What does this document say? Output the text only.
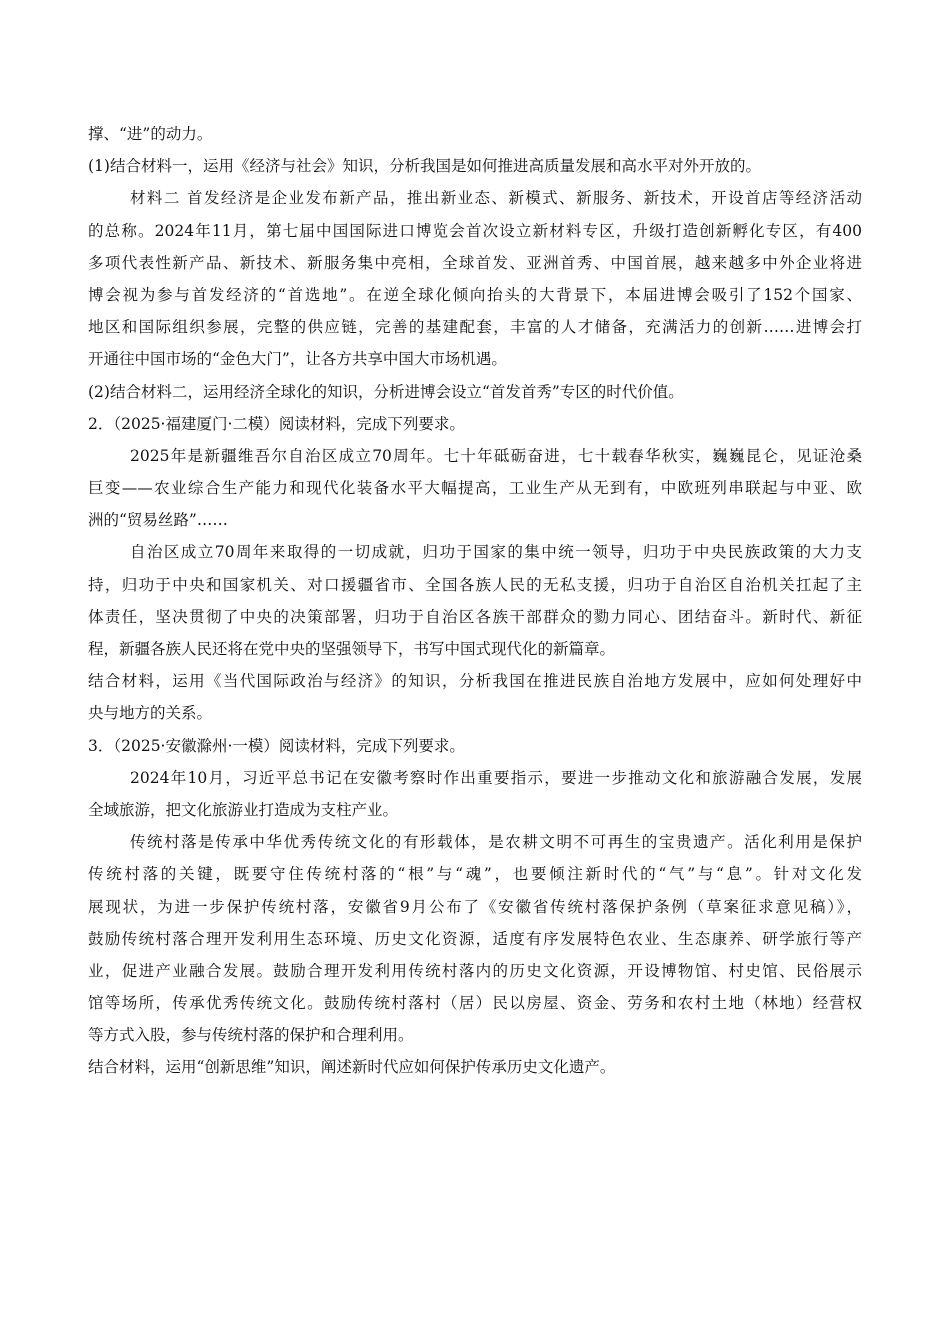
撑、“进”的动力。
(1)结合材料一，运用《经济与社会》知识，分析我国是如何推进高质量发展和高水平对外开放的。
材料二 首发经济是企业发布新产品，推出新业态、新模式、新服务、新技术，开设首店等经济活动
的总称。2024年11月，第七届中国国际进口博览会首次设立新材料专区，升级打造创新孵化专区，有400
多项代表性新产品、新技术、新服务集中亮相，全球首发、亚洲首秀、中国首展，越来越多中外企业将进
博会视为参与首发经济的“首选地”。在逆全球化倾向抬头的大背景下，本届进博会吸引了152个国家、
地区和国际组织参展，完整的供应链，完善的基建配套，丰富的人才储备，充满活力的创新……进博会打
开通往中国市场的“金色大门”，让各方共享中国大市场机遇。
(2)结合材料二，运用经济全球化的知识，分析进博会设立“首发首秀”专区的时代价值。
2．（2025·福建厦门·二模）阅读材料，完成下列要求。
2025年是新疆维吾尔自治区成立70周年。七十年砥砺奋进，七十载春华秋实，巍巍昆仑，见证沧桑
巨变——农业综合生产能力和现代化装备水平大幅提高，工业生产从无到有，中欧班列串联起与中亚、欧
洲的“贸易丝路”……
自治区成立70周年来取得的一切成就，归功于国家的集中统一领导，归功于中央民族政策的大力支
持，归功于中央和国家机关、对口援疆省市、全国各族人民的无私支援，归功于自治区自治机关扛起了主
体责任，坚决贯彻了中央的决策部署，归功于自治区各族干部群众的勠力同心、团结奋斗。新时代、新征
程，新疆各族人民还将在党中央的坚强领导下，书写中国式现代化的新篇章。
结合材料，运用《当代国际政治与经济》的知识，分析我国在推进民族自治地方发展中，应如何处理好中
央与地方的关系。
3．（2025·安徽滁州·一模）阅读材料，完成下列要求。
2024年10月，习近平总书记在安徽考察时作出重要指示，要进一步推动文化和旅游融合发展，发展
全域旅游，把文化旅游业打造成为支柱产业。
传统村落是传承中华优秀传统文化的有形载体，是农耕文明不可再生的宝贵遗产。活化利用是保护
传统村落的关键，既要守住传统村落的“根”与“魂”，也要倾注新时代的“气”与“息”。针对文化发
展现状，为进一步保护传统村落，安徽省9月公布了《安徽省传统村落保护条例（草案征求意见稿）》，
鼓励传统村落合理开发利用生态环境、历史文化资源，适度有序发展特色农业、生态康养、研学旅行等产
业，促进产业融合发展。鼓励合理开发利用传统村落内的历史文化资源，开设博物馆、村史馆、民俗展示
馆等场所，传承优秀传统文化。鼓励传统村落村（居）民以房屋、资金、劳务和农村土地（林地）经营权
等方式入股，参与传统村落的保护和合理利用。
结合材料，运用“创新思维”知识，阐述新时代应如何保护传承历史文化遗产。
